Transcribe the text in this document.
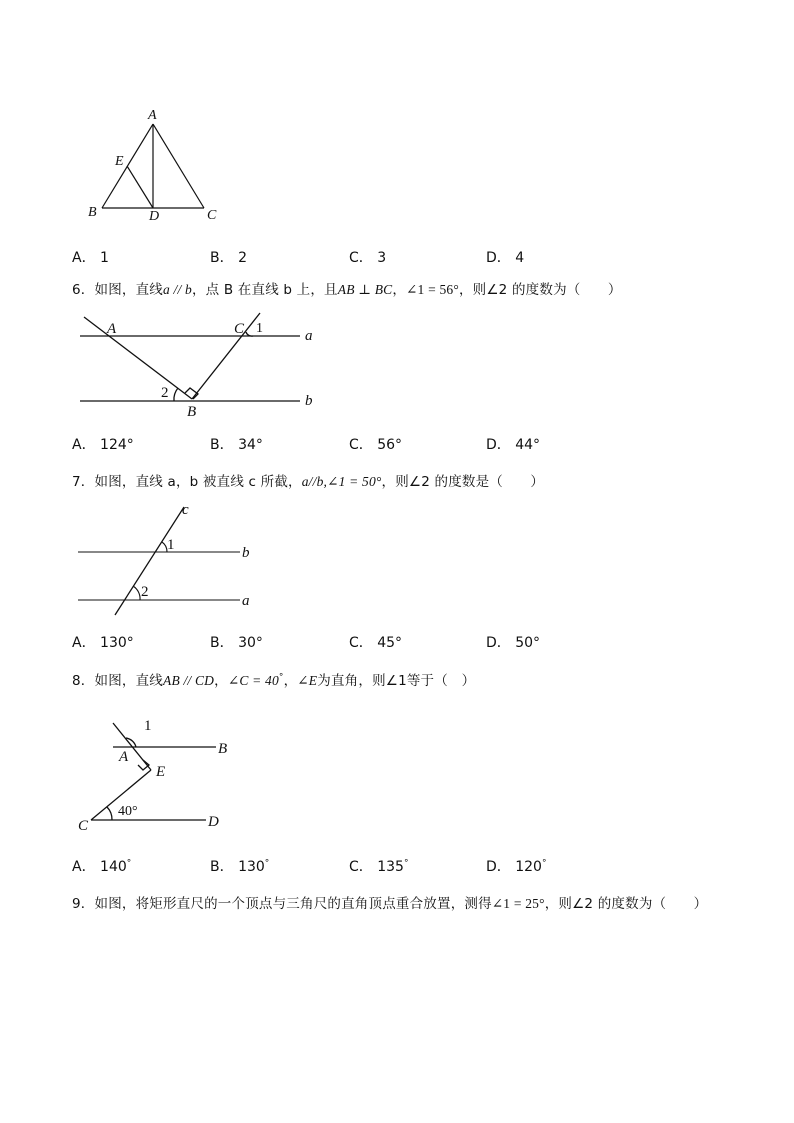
A
E
B	D	C
A． 1	B． 2	C． 3	D． 4
6．如图，直线a // b，点 B 在直线 b 上，且AB ⊥ BC，∠1 = 56°，则∠2 的度数为（　　）
A	C 1	a
2
B
b
A． 124°	B． 34°	C． 56°	D． 44°
7．如图，直线 a，b 被直线 c 所截，a//b,∠1 = 50°，则∠2 的度数是（　　）
c
1	b
2
a
A． 130°	B． 30°	C． 45°	D． 50°
8．如图，直线AB // CD，∠C = 40°，∠E为直角，则∠1等于（　）
1
A	B
E
40°
C	D
A． 140°	B． 130°	C． 135°	D． 120°
9．如图，将矩形直尺的一个顶点与三角尺的直角顶点重合放置，测得∠1 = 25°，则∠2 的度数为（　　）
